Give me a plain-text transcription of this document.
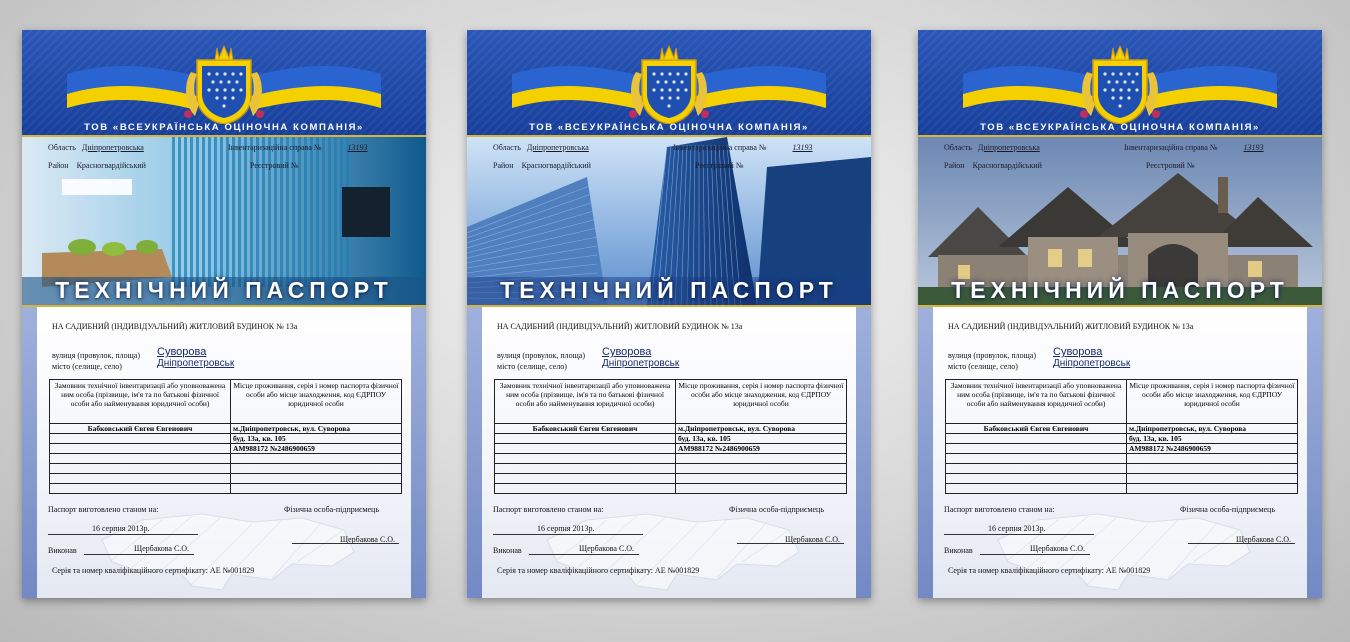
ТОВ «ВСЕУКРАЇНСЬКА ОЦІНОЧНА КОМПАНІЯ»
Область Дніпропетровська	Інвентаризаційна справа №	13193
Район Красногвардійський	Реєстровий №
ТЕХНІЧНИЙ ПАСПОРТ
НА САДИБНИЙ (ІНДИВІДУАЛЬНИЙ) ЖИТЛОВИЙ БУДИНОК № 13а
вулиця (провулок, площа) Суворова
місто (селище, село)	Дніпропетровськ
Замовник технічної інвентаризації або уповноважена ним особа (прізвище, ім'я та по батькові фізичної особи або найменування юридичної особи)	Місце проживання, серія і номер паспорта фізичної особи або місце знаходження, код ЄДРПОУ юридичної особи
Бабковський Євген Євгенович	м.Дніпропетровськ, вул. Суворова
	буд. 13а, кв. 105
	АМ988172 №2486900659

Паспорт виготовлено станом на:	Фізична особа-підприємець
16 серпня 2013р.
Щербакова С.О.
Виконав	Щербакова С.О.
Серія та номер кваліфікаційного сертифікату: АЕ №001829
ТОВ «ВСЕУКРАЇНСЬКА ОЦІНОЧНА КОМПАНІЯ»
Область Дніпропетровська	Інвентаризаційна справа №	13193
Район Красногвардійський	Реєстровий №
ТЕХНІЧНИЙ ПАСПОРТ
НА САДИБНИЙ (ІНДИВІДУАЛЬНИЙ) ЖИТЛОВИЙ БУДИНОК № 13а
вулиця (провулок, площа) Суворова
місто (селище, село)	Дніпропетровськ
Замовник технічної інвентаризації або уповноважена ним особа (прізвище, ім'я та по батькові фізичної особи або найменування юридичної особи)	Місце проживання, серія і номер паспорта фізичної особи або місце знаходження, код ЄДРПОУ юридичної особи
Бабковський Євген Євгенович	м.Дніпропетровськ, вул. Суворова
	буд. 13а, кв. 105
	АМ988172 №2486900659

Паспорт виготовлено станом на:	Фізична особа-підприємець
16 серпня 2013р.
Щербакова С.О.
Виконав	Щербакова С.О.
Серія та номер кваліфікаційного сертифікату: АЕ №001829
ТОВ «ВСЕУКРАЇНСЬКА ОЦІНОЧНА КОМПАНІЯ»
Область Дніпропетровська	Інвентаризаційна справа №	13193
Район Красногвардійський	Реєстровий №
ТЕХНІЧНИЙ ПАСПОРТ
НА САДИБНИЙ (ІНДИВІДУАЛЬНИЙ) ЖИТЛОВИЙ БУДИНОК № 13а
вулиця (провулок, площа) Суворова
місто (селище, село)	Дніпропетровськ
Замовник технічної інвентаризації або уповноважена ним особа (прізвище, ім'я та по батькові фізичної особи або найменування юридичної особи)	Місце проживання, серія і номер паспорта фізичної особи або місце знаходження, код ЄДРПОУ юридичної особи
Бабковський Євген Євгенович	м.Дніпропетровськ, вул. Суворова
	буд. 13а, кв. 105
	АМ988172 №2486900659

Паспорт виготовлено станом на:	Фізична особа-підприємець
16 серпня 2013р.
Щербакова С.О.
Виконав	Щербакова С.О.
Серія та номер кваліфікаційного сертифікату: АЕ №001829
